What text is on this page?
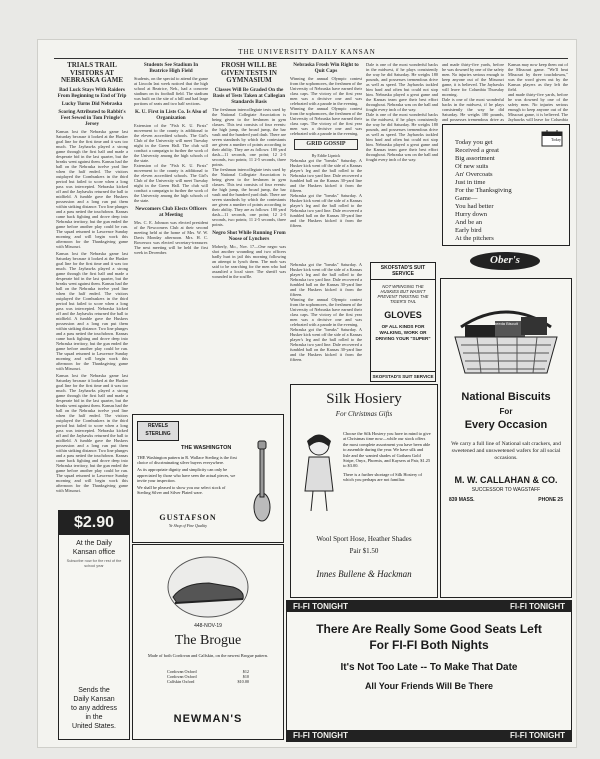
THE UNIVERSITY DAILY KANSAN
TRIALS TRAIL VISITORS AT NEBRASKA GAME
Bad Luck Stays With Raiders From Beginning to End of Trip
Lucky Turns Did Nebraska
Scoring Attributed to Rabbit's Feet Sewed in Tom Pringle's Jersey
Kansas lost the Nebraska game last Saturday because it looked at the Husker goal line for the first time and it was too much. The Jayhawks played a strong game through the first half and made a desperate bid in the last quarter, but the breaks went against them. Kansas had the ball on the Nebraska twelve yard line when the half ended. The visitors outplayed the Cornhuskers in the third period but failed to score when a long pass was intercepted. Nebraska kicked off and the Jayhawks returned the ball to midfield. A fumble gave the Huskers possession and a long run put them within striking distance. Two line plunges and a pass netted the touchdown. Kansas came back fighting and drove deep into Nebraska territory, but the gun ended the game before another play could be run. The squad returned to Lawrence Sunday morning and will begin work this afternoon for the Thanksgiving game with Missouri.
Kansas lost the Nebraska game last Saturday because it looked at the Husker goal line for the first time and it was too much. The Jayhawks played a strong game through the first half and made a desperate bid in the last quarter, but the breaks went against them. Kansas had the ball on the Nebraska twelve yard line when the half ended. The visitors outplayed the Cornhuskers in the third period but failed to score when a long pass was intercepted. Nebraska kicked off and the Jayhawks returned the ball to midfield. A fumble gave the Huskers possession and a long run put them within striking distance. Two line plunges and a pass netted the touchdown. Kansas came back fighting and drove deep into Nebraska territory, but the gun ended the game before another play could be run. The squad returned to Lawrence Sunday morning and will begin work this afternoon for the Thanksgiving game with Missouri.
Kansas lost the Nebraska game last Saturday because it looked at the Husker goal line for the first time and it was too much. The Jayhawks played a strong game through the first half and made a desperate bid in the last quarter, but the breaks went against them. Kansas had the ball on the Nebraska twelve yard line when the half ended. The visitors outplayed the Cornhuskers in the third period but failed to score when a long pass was intercepted. Nebraska kicked off and the Jayhawks returned the ball to midfield. A fumble gave the Huskers possession and a long run put them within striking distance. Two line plunges and a pass netted the touchdown. Kansas came back fighting and drove deep into Nebraska territory, but the gun ended the game before another play could be run. The squad returned to Lawrence Sunday morning and will begin work this afternoon for the Thanksgiving game with Missouri.
Students See Stadium In Beatrice High Field
Students, on the special to attend the game at Lincoln last week noticed that the high school at Beatrice, Neb., had a concrete stadium on its football field. The stadium was built on the site of a hill and had large portions of seats and two half sections.
K. U. First in Lists Co. Is Also of Organization
Extension of the "Fish K. U. Firsts" movement to the county is additional to the eleven accredited schools. The Girl's Club of the University will meet Tuesday night in the Green Hall. The club will conduct a campaign to further the work of the University among the high schools of the state.
Extension of the "Fish K. U. Firsts" movement to the county is additional to the eleven accredited schools. The Girl's Club of the University will meet Tuesday night in the Green Hall. The club will conduct a campaign to further the work of the University among the high schools of the state.
Newcomers Club Elects Officers at Meeting
Mrs. C. E. Johnson was elected president of the Newcomers Club at their second meeting held at the home of Mrs. W. W. Davis Monday afternoon. Mrs. H. C. Bowersox was elected secretary-treasurer. The next meeting will be held the first week in December.
FROSH WILL BE GIVEN TESTS IN GYMNASIUM
Classes Will Be Graded On the Basis of Tests Taken at Callegian Standards Basis
The freshman intercollegiate tests used by the National Collegiate Association is being given to the freshmen in gym classes. This test consists of four events: the high jump, the broad jump, the bar vault and the hundred yard dash. There are seven standards by which the contestants are given a number of points according to their ability. They are as follows: 100 yard dash—11 seconds, one point; 12 2-5 seconds, two points; 11 2-5 seconds, three points.
The freshman intercollegiate tests used by the National Collegiate Association is being given to the freshmen in gym classes. This test consists of four events: the high jump, the broad jump, the bar vault and the hundred yard dash. There are seven standards by which the contestants are given a number of points according to their ability. They are as follows: 100 yard dash—11 seconds, one point; 12 2-5 seconds, two points; 11 2-5 seconds, three points.
Negro Shot While Running From Noose of Lynchers
Moberly, Mo., Nov. 17—One negro was shot another wounding and two officers badly hurt in jail this morning following an attempt to lynch them. The mob was said to be searching for the men who had assaulted a local store. The sheriff was wounded in the scuffle.
Nebraska Frosh Win Right to Quit Caps
Winning the annual Olympic contest from the sophomores, the freshmen of the University of Nebraska have earned their class caps. The victory of the first year men was a decisive one and was celebrated with a parade in the evening.
Winning the annual Olympic contest from the sophomores, the freshmen of the University of Nebraska have earned their class caps. The victory of the first year men was a decisive one and was celebrated with a parade in the evening.
GRID GOSSIP
By Eddie Lipnick
Nebraska got the "breaks" Saturday. A Husker kick went off the side of a Kansas player's leg and the ball rolled to the Nebraska two yard line. Dale recovered a fumbled ball on the Kansas 30-yard line and the Huskers kicked it from the fifteen.
Nebraska got the "breaks" Saturday. A Husker kick went off the side of a Kansas player's leg and the ball rolled to the Nebraska two yard line. Dale recovered a fumbled ball on the Kansas 30-yard line and the Huskers kicked it from the fifteen.
Dale is one of the most wonderful backs in the midwest, if he plays consistently the way he did Saturday. He weighs 180 pounds, and possesses tremendous drive as well as speed. The Jayhawks tackled him hard and often but could not stop him. Nebraska played a great game and the Kansas team gave their best effort throughout. Nebraska was on the ball and fought every inch of the way.
Dale is one of the most wonderful backs in the midwest, if he plays consistently the way he did Saturday. He weighs 180 pounds, and possesses tremendous drive as well as speed. The Jayhawks tackled him hard and often but could not stop him. Nebraska played a great game and the Kansas team gave their best effort throughout. Nebraska was on the ball and fought every inch of the way.
Nebraska got the "breaks" Saturday. A Husker kick went off the side of a Kansas player's leg and the ball rolled to the Nebraska two yard line. Dale recovered a fumbled ball on the Kansas 30-yard line and the Huskers kicked it from the fifteen.
Winning the annual Olympic contest from the sophomores, the freshmen of the University of Nebraska have earned their class caps. The victory of the first year men was a decisive one and was celebrated with a parade in the evening.
Nebraska got the "breaks" Saturday. A Husker kick went off the side of a Kansas player's leg and the ball rolled to the Nebraska two yard line. Dale recovered a fumbled ball on the Kansas 30-yard line and the Huskers kicked it from the fifteen.
SKOFSTAD'S SUIT SERVICE
NOT WRINGING THE HUSKIES BUT WASN'T PREVENT TWISTING THE TIGER'S TAIL
GLOVES
OF ALL KINDS FOR WALKING, WORK OR DRIVING YOUR "SUPER"
SKOFSTAD'S SUIT SERVICE
and made thirty-five yards, before he was downed by one of the safety men. No injuries serious enough to keep anyone out of the Missouri game, it is believed. The Jayhawks will leave for Columbia Thursday morning.
Dale is one of the most wonderful backs in the midwest, if he plays consistently the way he did Saturday. He weighs 180 pounds, and possesses tremendous drive as
Kansas may now keep them out of the Missouri game. "We'll beat Missouri by three touchdowns," was the word given out by the Kansas players as they left the field.
and made thirty-five yards, before he was downed by one of the safety men. No injuries serious enough to keep anyone out of the Missouri game, it is believed. The Jayhawks will leave for Columbia
Today
Today you get
Received a great
Big assortment
Of new suits
An' Overcoats
Just in time
For the Thanksgiving
Game—
You had better
Hurry down
And be an
Early bird
At the pitchers
Ober's
REVELS STERLING
THE WASHINGTON
THE Washington pattern in R. Wallace Sterling is the first choice of discriminating silver buyers everywhere.
As its appropriate dignity and simplicity can only be appreciated by those who have seen the actual pieces, we invite your inspection.
We shall be pleased to show you our select stock of Sterling Silver and Silver Plated ware.
GUSTAFSON
Ye Shop of Fine Quality
$2.90
At the Daily
Kansan office
Subscribe now for the rest of the school year
Sends the
Daily Kansan
to any address
in the
United States.
448-NOV-19
The Brogue
Made of both Cordovan and Calfskin, on the newest Brogue pattern.
Cordovan Oxford	$12
Cordovan Oxford	$10
Calfskin Oxford	$10.00
NEWMAN'S
Silk Hosiery
For Christmas Gifts
Choose the Silk Hosiery you have in mind to give at Christmas time now—while our stock offers the most complete assortment you have been able to assemble during the year. We have silk and lisle and the wanted shades of Gotham Gold Stripe, Onyx, Phoenix, and Kaysers at Pair, $1.25 to $3.00.
There is a further shortage of Silk Hosiery of which you perhaps are not familiar.
Wool Sport Hose, Heather Shades
Pair $1.50
Innes Bullene & Hackman
Uneeda Biscuit
National Biscuits
For
Every Occasion
We carry a full line of National salt crackers, and sweetened and unsweetened wafers for all social occasions.
M. W. CALLAHAN & CO.
SUCCESSOR TO WAGSTAFF
839 MASS.	PHONE 25
FI-FI TONIGHT	FI-FI TONIGHT
There Are Really Some Good Seats Left
For FI-FI Both Nights
It's Not Too Late -- To Make That Date
All Your Friends Will Be There
FI-FI TONIGHT	FI-FI TONIGHT
